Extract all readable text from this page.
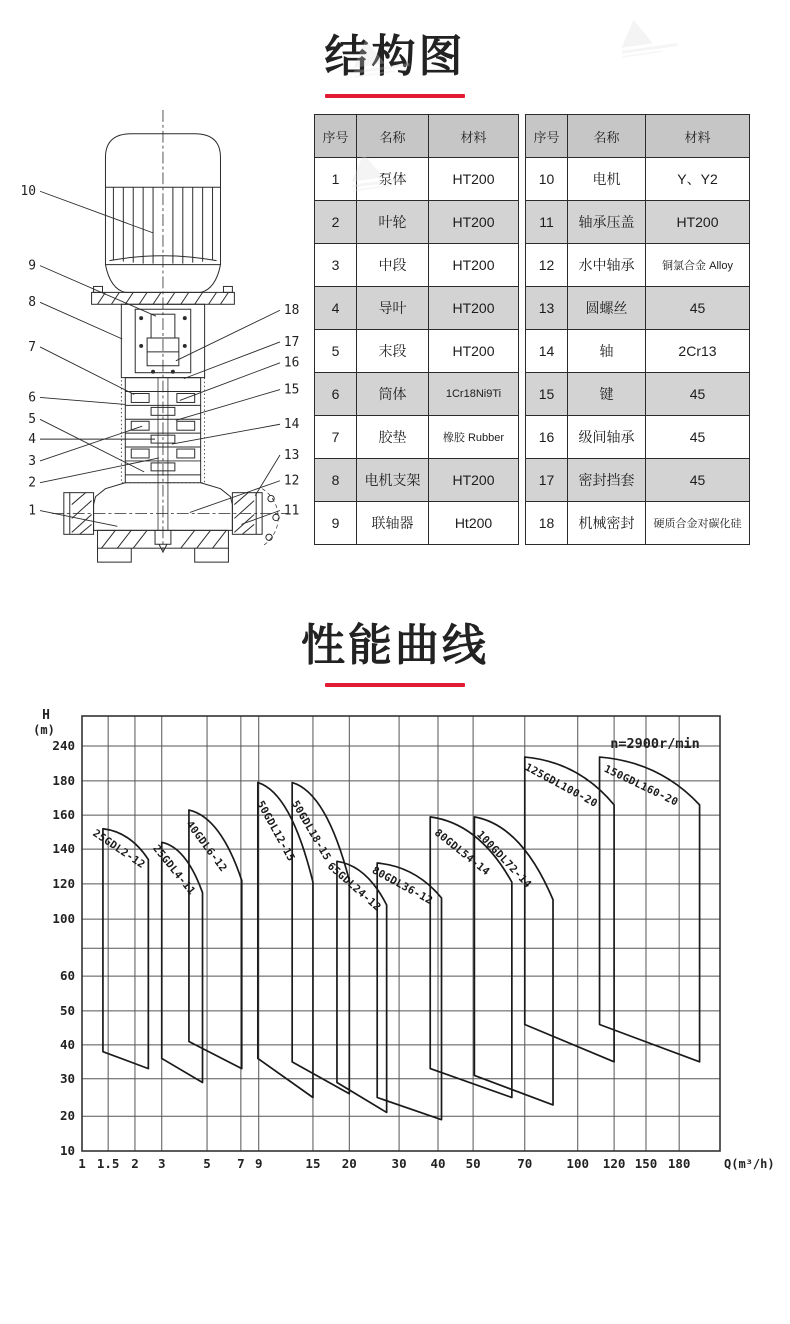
结构图
10
9
8
7
6
5
4
3
2
1
18
17
16
15
14
13
12
11
序号	名称	材料
1	泵体	HT200
2	叶轮	HT200
3	中段	HT200
4	导叶	HT200
5	末段	HT200
6	筒体	1Cr18Ni9Ti
7	胶垫	橡胶 Rubber
8	电机支架	HT200
9	联轴器	Ht200
序号	名称	材料
10	电机	Y、Y2
11	轴承压盖	HT200
12	水中轴承	铜氯合金 Alloy
13	圆螺丝	45
14	轴	2Cr13
15	键	45
16	级间轴承	45
17	密封挡套	45
18	机械密封	硬质合金对碳化硅
性能曲线
1 1.5 2 3	5 7 9	15 20	30 40 50	70	100 120 150 180
10
20
30
40
50
60
100
120
140
160
180
240
H
(m)
Q(m³/h)
n=2900r/min
25GDL2-12 25GDL4-11
40GDL6-12 50GDL12-15
50GDL18-15
65GDL24-12
80GDL36-12
80GDL54-14
100GDL72-14
125GDL100-20 150GDL160-20
